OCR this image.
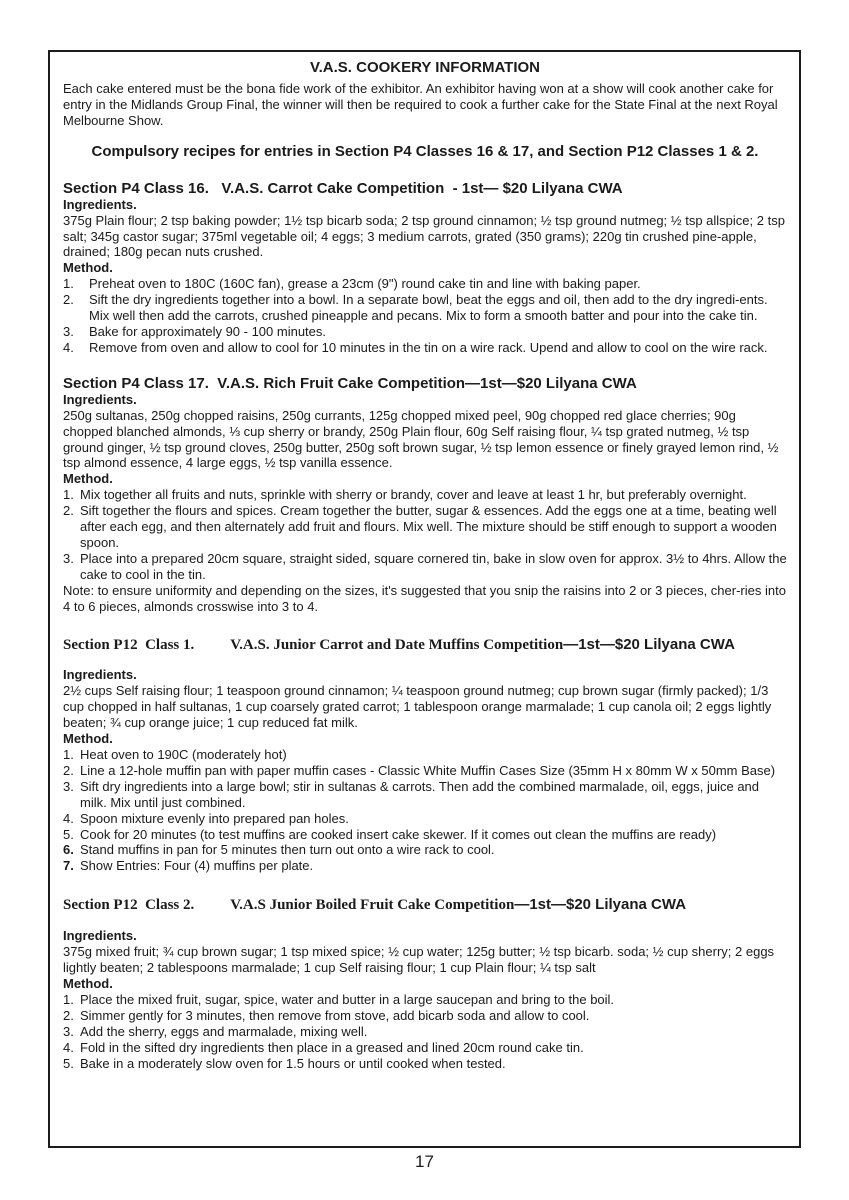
V.A.S. COOKERY INFORMATION

Each cake entered must be the bona fide work of the exhibitor. An exhibitor having won at a show will cook another cake for entry in the Midlands Group Final, the winner will then be required to cook a further cake for the State Final at the next Royal Melbourne Show.

Compulsory recipes for entries in Section P4 Classes 16 & 17, and Section P12 Classes 1 & 2.

Section P4 Class 16.   V.A.S. Carrot Cake Competition  - 1st— $20 Lilyana CWA

Ingredients.

375g Plain flour; 2 tsp baking powder; 1½ tsp bicarb soda; 2 tsp ground cinnamon; ½ tsp ground nutmeg; ½ tsp allspice; 2 tsp salt; 345g castor sugar; 375ml vegetable oil; 4 eggs; 3 medium carrots, grated (350 grams); 220g tin crushed pine-apple, drained; 180g pecan nuts crushed.

Method.

1.	Preheat oven to 180C (160C fan), grease a 23cm (9") round cake tin and line with baking paper.
2.	Sift the dry ingredients together into a bowl. In a separate bowl, beat the eggs and oil, then add to the dry ingredi-ents. Mix well then add the carrots, crushed pineapple and pecans. Mix to form a smooth batter and pour into the cake tin.
3.	Bake for approximately 90 - 100 minutes.
4.	Remove from oven and allow to cool for 10 minutes in the tin on a wire rack. Upend and allow to cool on the wire rack.
Section P4 Class 17.  V.A.S. Rich Fruit Cake Competition—1st—$20 Lilyana CWA

Ingredients.

250g sultanas, 250g chopped raisins, 250g currants, 125g chopped mixed peel, 90g chopped red glace cherries; 90g chopped blanched almonds, ⅓ cup sherry or brandy, 250g Plain flour, 60g Self raising flour, ¼ tsp grated nutmeg, ½ tsp ground ginger, ½ tsp ground cloves, 250g butter, 250g soft brown sugar, ½ tsp lemon essence or finely grayed lemon rind, ½ tsp almond essence, 4 large eggs, ½ tsp vanilla essence.

Method.

1. Mix together all fruits and nuts, sprinkle with sherry or brandy, cover and leave at least 1 hr, but preferably overnight.
2. Sift together the flours and spices. Cream together the butter, sugar & essences. Add the eggs one at a time, beating well after each egg, and then alternately add fruit and flours. Mix well. The mixture should be stiff enough to support a wooden spoon.
3. Place into a prepared 20cm square, straight sided, square cornered tin, bake in slow oven for approx. 3½ to 4hrs. Allow the cake to cool in the tin.

Note: to ensure uniformity and depending on the sizes, it's suggested that you snip the raisins into 2 or 3 pieces, cher-ries into 4 to 6 pieces, almonds crosswise into 3 to 4.

Section P12  Class 1. V.A.S. Junior Carrot and Date Muffins Competition—1st—$20 Lilyana CWA

Ingredients.

2½ cups Self raising flour; 1 teaspoon ground cinnamon; ¼ teaspoon ground nutmeg; cup brown sugar (firmly packed); 1/3 cup chopped in half sultanas, 1 cup coarsely grated carrot; 1 tablespoon orange marmalade; 1 cup canola oil; 2 eggs lightly beaten; ¾ cup orange juice; 1 cup reduced fat milk.

Method.

1. Heat oven to 190C (moderately hot)
2. Line a 12-hole muffin pan with paper muffin cases - Classic White Muffin Cases Size (35mm H x 80mm W x 50mm Base)
3. Sift dry ingredients into a large bowl; stir in sultanas & carrots. Then add the combined marmalade, oil, eggs, juice and milk. Mix until just combined.
4. Spoon mixture evenly into prepared pan holes.
5. Cook for 20 minutes (to test muffins are cooked insert cake skewer. If it comes out clean the muffins are ready)
6. Stand muffins in pan for 5 minutes then turn out onto a wire rack to cool.
7. Show Entries: Four (4) muffins per plate.
Section P12  Class 2. V.A.S Junior Boiled Fruit Cake Competition—1st—$20 Lilyana CWA

Ingredients.

375g mixed fruit; ¾ cup brown sugar; 1 tsp mixed spice; ½ cup water; 125g butter; ½ tsp bicarb. soda; ½ cup sherry; 2 eggs lightly beaten; 2 tablespoons marmalade; 1 cup Self raising flour; 1 cup Plain flour; ¼ tsp salt

Method.

1. Place the mixed fruit, sugar, spice, water and butter in a large saucepan and bring to the boil.
2. Simmer gently for 3 minutes, then remove from stove, add bicarb soda and allow to cool.
3. Add the sherry, eggs and marmalade, mixing well.
4. Fold in the sifted dry ingredients then place in a greased and lined 20cm round cake tin.
5. Bake in a moderately slow oven for 1.5 hours or until cooked when tested.
17
